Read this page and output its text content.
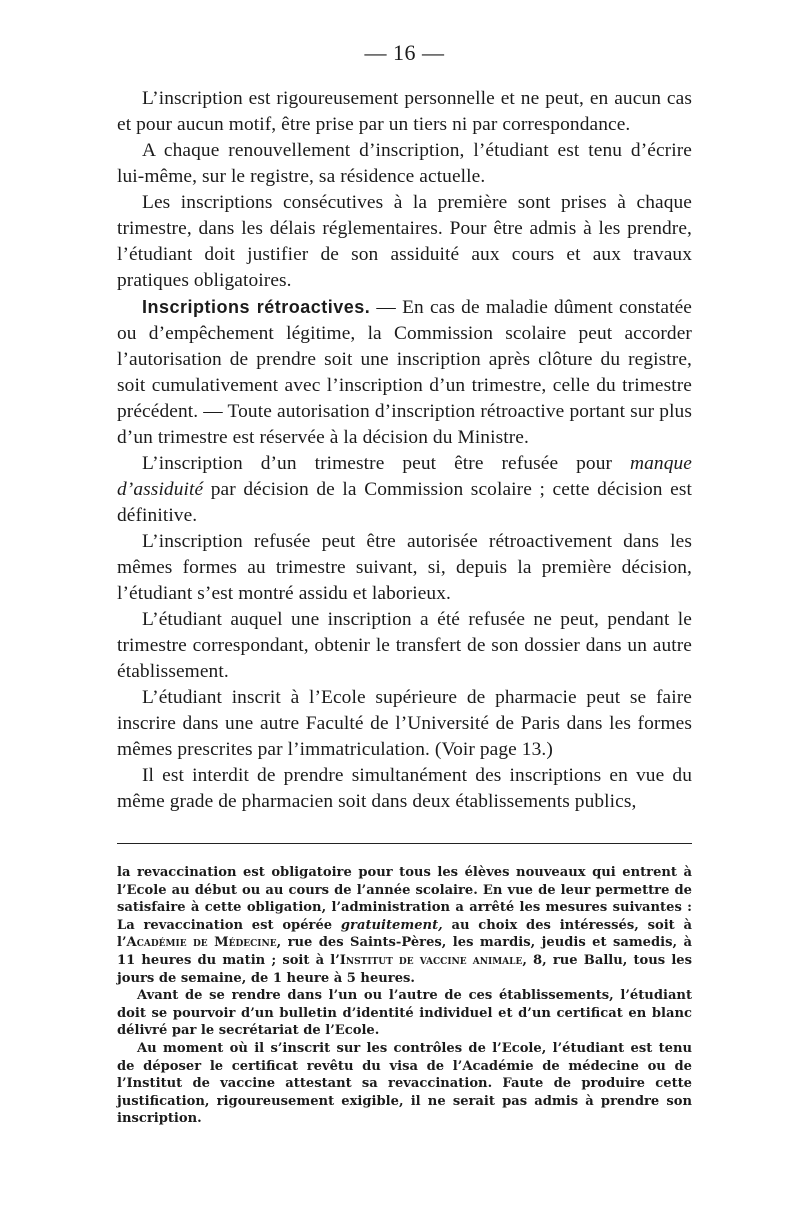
— 16 —

L’inscription est rigoureusement personnelle et ne peut, en aucun cas et pour aucun motif, être prise par un tiers ni par correspondance.

A chaque renouvellement d’inscription, l’étudiant est tenu d’écrire lui-même, sur le registre, sa résidence actuelle.

Les inscriptions consécutives à la première sont prises à chaque trimestre, dans les délais réglementaires. Pour être admis à les prendre, l’étudiant doit justifier de son assiduité aux cours et aux travaux pratiques obligatoires.

Inscriptions rétroactives. — En cas de maladie dûment constatée ou d’empêchement légitime, la Commission scolaire peut accorder l’autorisation de prendre soit une inscription après clôture du registre, soit cumulativement avec l’inscription d’un trimestre, celle du trimestre précédent. — Toute autorisation d’inscription rétroactive portant sur plus d’un trimestre est réservée à la décision du Ministre.

L’inscription d’un trimestre peut être refusée pour manque d’assiduité par décision de la Commission scolaire ; cette décision est définitive.

L’inscription refusée peut être autorisée rétroactivement dans les mêmes formes au trimestre suivant, si, depuis la première décision, l’étudiant s’est montré assidu et laborieux.

L’étudiant auquel une inscription a été refusée ne peut, pendant le trimestre correspondant, obtenir le transfert de son dossier dans un autre établissement.

L’étudiant inscrit à l’Ecole supérieure de pharmacie peut se faire inscrire dans une autre Faculté de l’Université de Paris dans les formes mêmes prescrites par l’immatriculation. (Voir page 13.)

Il est interdit de prendre simultanément des inscriptions en vue du même grade de pharmacien soit dans deux établissements publics,

la revaccination est obligatoire pour tous les élèves nouveaux qui entrent à l’Ecole au début ou au cours de l’année scolaire. En vue de leur permettre de satisfaire à cette obligation, l’administration a arrêté les mesures suivantes : La revaccination est opérée gratuitement, au choix des intéressés, soit à l’Académie de Médecine, rue des Saints-Pères, les mardis, jeudis et samedis, à 11 heures du matin ; soit à l’Institut de vaccine animale, 8, rue Ballu, tous les jours de semaine, de 1 heure à 5 heures.

Avant de se rendre dans l’un ou l’autre de ces établissements, l’étudiant doit se pourvoir d’un bulletin d’identité individuel et d’un certificat en blanc délivré par le secrétariat de l’Ecole.

Au moment où il s’inscrit sur les contrôles de l’Ecole, l’étudiant est tenu de déposer le certificat revêtu du visa de l’Académie de médecine ou de l’Institut de vaccine attestant sa revaccination. Faute de produire cette justification, rigoureusement exigible, il ne serait pas admis à prendre son inscription.
